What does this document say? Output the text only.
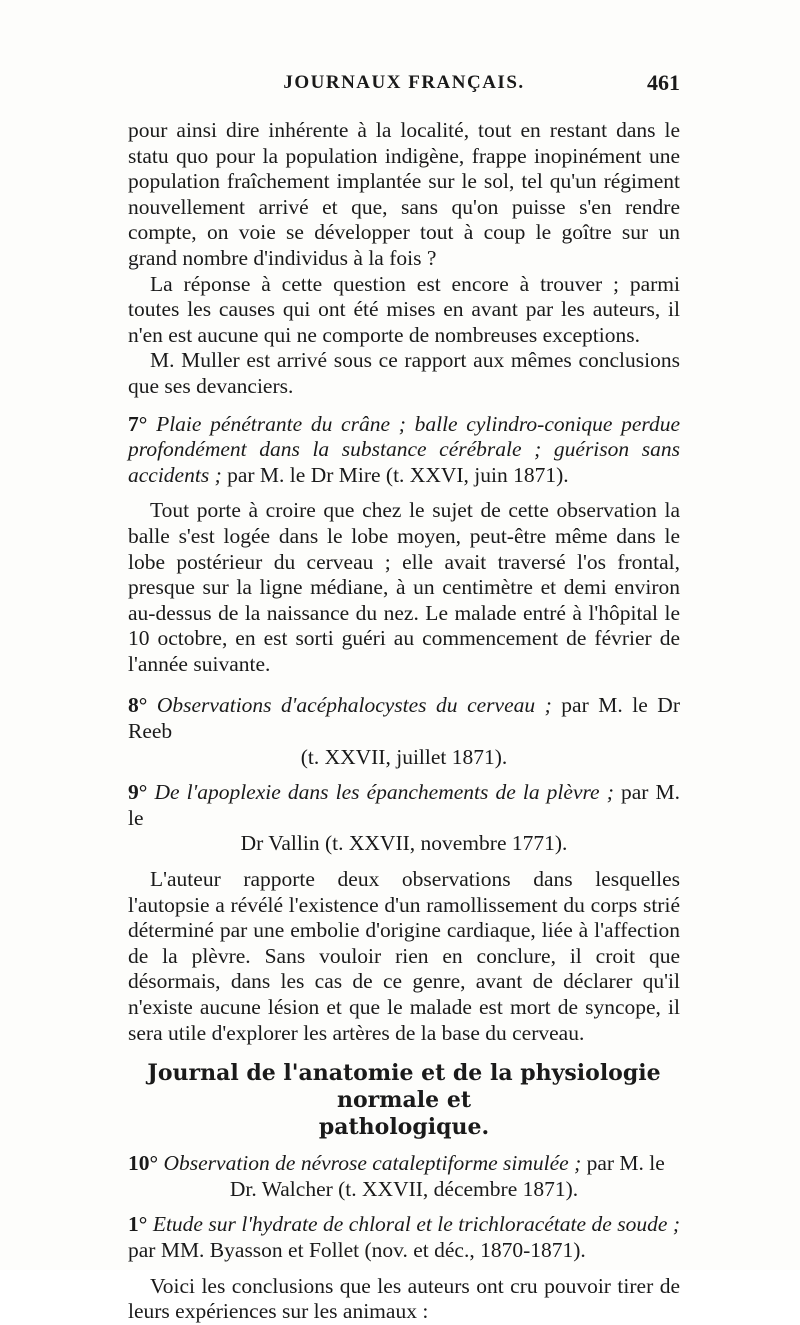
JOURNAUX FRANÇAIS.	461

pour ainsi dire inhérente à la localité, tout en restant dans le statu quo pour la population indigène, frappe inopinément une population fraîchement implantée sur le sol, tel qu'un régiment nouvellement arrivé et que, sans qu'on puisse s'en rendre compte, on voie se développer tout à coup le goître sur un grand nombre d'individus à la fois ?

La réponse à cette question est encore à trouver ; parmi toutes les causes qui ont été mises en avant par les auteurs, il n'en est aucune qui ne comporte de nombreuses exceptions.

M. Muller est arrivé sous ce rapport aux mêmes conclusions que ses devanciers.

7° Plaie pénétrante du crâne ; balle cylindro-conique perdue profondément dans la substance cérébrale ; guérison sans accidents ; par M. le Dr Mire (t. XXVI, juin 1871).

Tout porte à croire que chez le sujet de cette observation la balle s'est logée dans le lobe moyen, peut-être même dans le lobe postérieur du cerveau ; elle avait traversé l'os frontal, presque sur la ligne médiane, à un centimètre et demi environ au-dessus de la naissance du nez. Le malade entré à l'hôpital le 10 octobre, en est sorti guéri au commencement de février de l'année suivante.

8° Observations d'acéphalocystes du cerveau ; par M. le Dr Reeb

(t. XXVII, juillet 1871).

9° De l'apoplexie dans les épanchements de la plèvre ; par M. le

Dr Vallin (t. XXVII, novembre 1771).

L'auteur rapporte deux observations dans lesquelles l'autopsie a révélé l'existence d'un ramollissement du corps strié déterminé par une embolie d'origine cardiaque, liée à l'affection de la plèvre. Sans vouloir rien en conclure, il croit que désormais, dans les cas de ce genre, avant de déclarer qu'il n'existe aucune lésion et que le malade est mort de syncope, il sera utile d'explorer les artères de la base du cerveau.

Journal de l'anatomie et de la physiologie normale et
pathologique.

10° Observation de névrose cataleptiforme simulée ; par M. le

Dr. Walcher (t. XXVII, décembre 1871).

1° Etude sur l'hydrate de chloral et le trichloracétate de soude ; par MM. Byasson et Follet (nov. et déc., 1870-1871).

Voici les conclusions que les auteurs ont cru pouvoir tirer de leurs expériences sur les animaux :
